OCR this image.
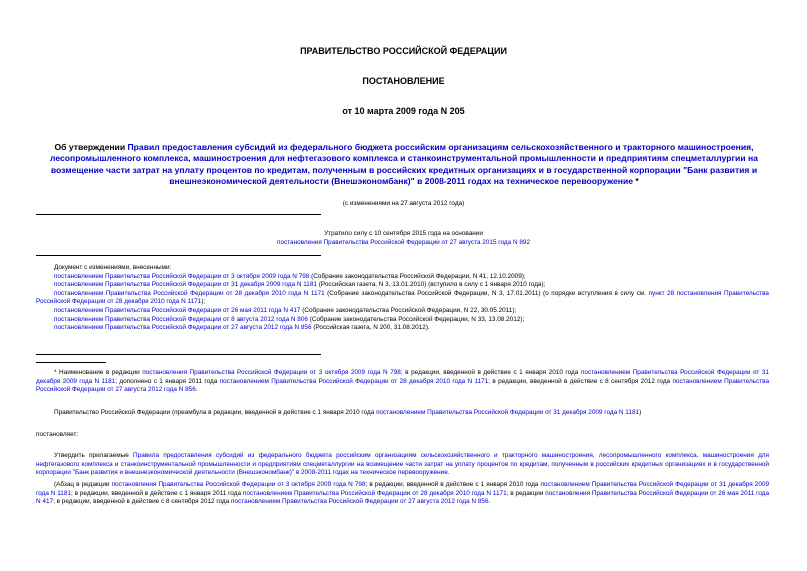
ПРАВИТЕЛЬСТВО РОССИЙСКОЙ ФЕДЕРАЦИИ
ПОСТАНОВЛЕНИЕ
от 10 марта 2009 года N 205
Об утверждении Правил предоставления субсидий из федерального бюджета российским организациям сельскохозяйственного и тракторного машиностроения, лесопромышленного комплекса, машиностроения для нефтегазового комплекса и станкоинструментальной промышленности и предприятиям спецметаллургии на возмещение части затрат на уплату процентов по кредитам, полученным в российских кредитных организациях и в государственной корпорации "Банк развития и внешнеэкономической деятельности (Внешэкономбанк)" в 2008-2011 годах на техническое перевооружение *
(с изменениями на 27 августа 2012 года)
Утратило силу с 10 сентября 2015 года на основании
постановления Правительства Российской Федерации от 27 августа 2015 года N 892

Документ с изменениями, внесенными:

постановлением Правительства Российской Федерации от 3 октября 2009 года N 798 (Собрание законодательства Российской Федерации, N 41, 12.10.2009);

постановлением Правительства Российской Федерации от 31 декабря 2009 года N 1181 (Российская газета, N 3, 13.01.2010) (вступило в силу с 1 января 2010 года);

постановлением Правительства Российской Федерации от 28 декабря 2010 года N 1171 (Собрание законодательства Российской Федерации, N 3, 17.01.2011) (о порядке вступления в силу см. пункт 28 постановления Правительства Российской Федерации от 28 декабря 2010 года N 1171);

постановлением Правительства Российской Федерации от 26 мая 2011 года N 417 (Собрание законодательства Российской Федерации, N 22, 30.05.2011);

постановлением Правительства Российской Федерации от 8 августа 2012 года N 806 (Собрание законодательства Российской Федерации, N 33, 13.08.2012);

постановлением Правительства Российской Федерации от 27 августа 2012 года N 856 (Российская газета, N 200, 31.08.2012).

* Наименование в редакции постановления Правительства Российской Федерации от 3 октября 2009 года N 798; в редакции, введенной в действие с 1 января 2010 года постановлением Правительства Российской Федерации от 31 декабря 2009 года N 1181; дополнено с 1 января 2011 года постановлением Правительства Российской Федерации от 28 декабря 2010 года N 1171; в редакции, введенной в действие с 8 сентября 2012 года постановлением Правительства Российской Федерации от 27 августа 2012 года N 856.
Правительство Российской Федерации (преамбула в редакции, введенной в действие с 1 января 2010 года постановлением Правительства Российской Федерации от 31 декабря 2009 года N 1181)
постановляет:
Утвердить прилагаемые Правила предоставления субсидий из федерального бюджета российским организациям сельскохозяйственного и тракторного машиностроения, лесопромышленного комплекса, машиностроения для нефтегазового комплекса и станкоинструментальной промышленности и предприятиям спецметаллургии на возмещение части затрат на уплату процентов по кредитам, полученным в российских кредитных организациях и в государственной корпорации "Банк развития и внешнеэкономической деятельности (Внешэкономбанк)" в 2008-2011 годах на техническое перевооружение.
(Абзац в редакции постановления Правительства Российской Федерации от 3 октября 2009 года N 798; в редакции, введенной в действие с 1 января 2010 года постановлением Правительства Российской Федерации от 31 декабря 2009 года N 1181; в редакции, введенной в действие с 1 января 2011 года постановлением Правительства Российской Федерации от 28 декабря 2010 года N 1171; в редакции постановления Правительства Российской Федерации от 26 мая 2011 года N 417; в редакции, введенной в действие с 8 сентября 2012 года постановлением Правительства Российской Федерации от 27 августа 2012 года N 856.
